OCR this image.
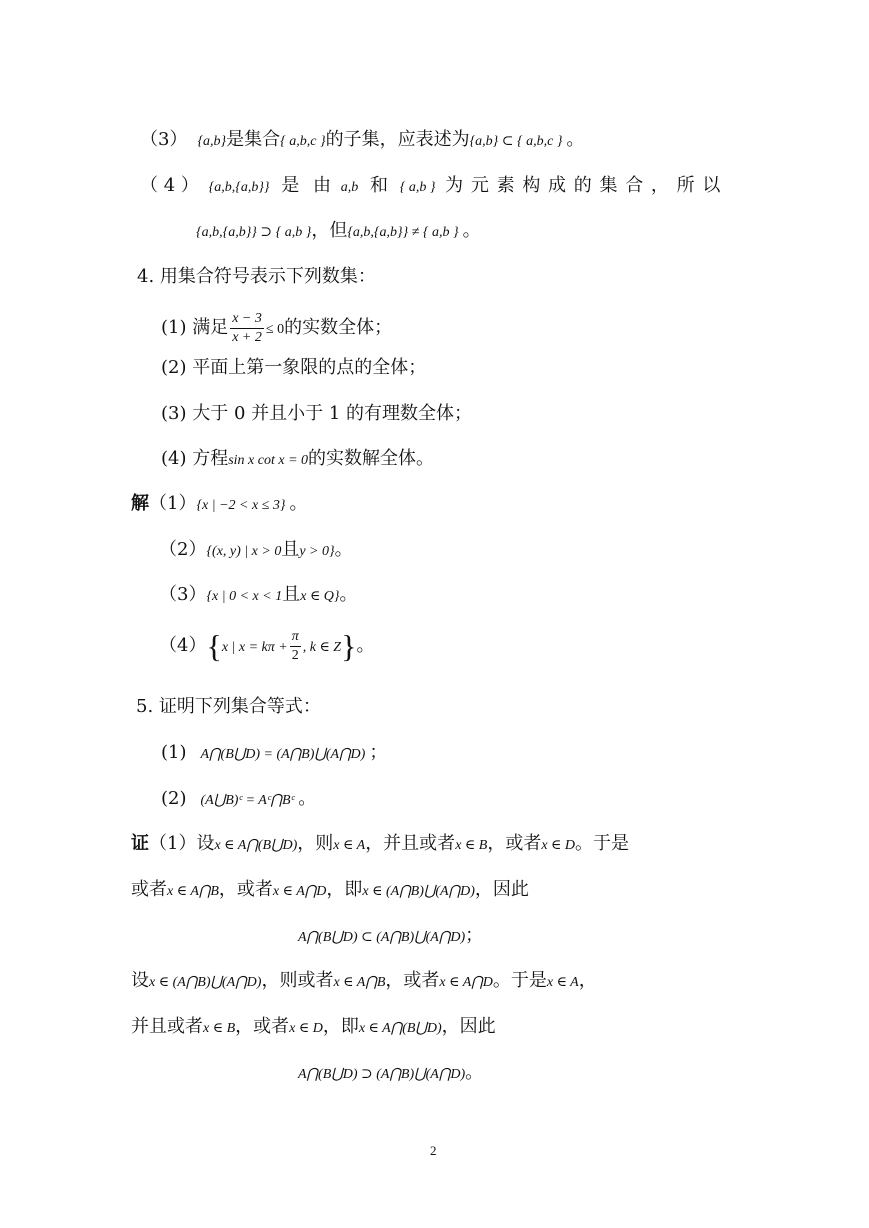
（3） {a,b}是集合{ a,b,c }的子集，应表述为{a,b} ⊂ { a,b,c } 。
（ 4 ） {a,b,{a,b}} 是 由 a,b 和 { a,b } 为 元 素 构 成 的 集 合 ， 所 以
{a,b,{a,b}} ⊃ { a,b }，但{a,b,{a,b}} ≠ { a,b } 。
4. 用集合符号表示下列数集：
(1) 满足 $\frac{x - 3}{x + 2} \le 0$的实数全体；
(2) 平面上第一象限的点的全体；
(3) 大于 0 并且小于 1 的有理数全体；
(4) 方程sin x cot x = 0的实数解全体。
解（1）{x | −2 < x ≤ 3} 。
（2）{(x, y) | x > 0且y > 0}。
（3）{x | 0 < x < 1且x ∈ Q}。
（4）{x | $x = k\pi + \frac{\pi}{2}$ , k ∈ Z}。
5. 证明下列集合等式：
(1) A⋂(B⋃D) = (A⋂B)⋃(A⋂D) ；
(2) (A⋃B)ᶜ = Aᶜ⋂Bᶜ 。
证（1）设x ∈ A⋂(B⋃D)，则x ∈ A，并且或者x ∈ B，或者x ∈ D。于是
或者x ∈ A⋂B，或者x ∈ A⋂D，即x ∈ (A⋂B)⋃(A⋂D)，因此
A⋂(B⋃D) ⊂ (A⋂B)⋃(A⋂D)；
设x ∈ (A⋂B)⋃(A⋂D)，则或者x ∈ A⋂B，或者x ∈ A⋂D。于是x ∈ A，
并且或者x ∈ B，或者x ∈ D，即x ∈ A⋂(B⋃D)，因此
A⋂(B⋃D) ⊃ (A⋂B)⋃(A⋂D)。
2
